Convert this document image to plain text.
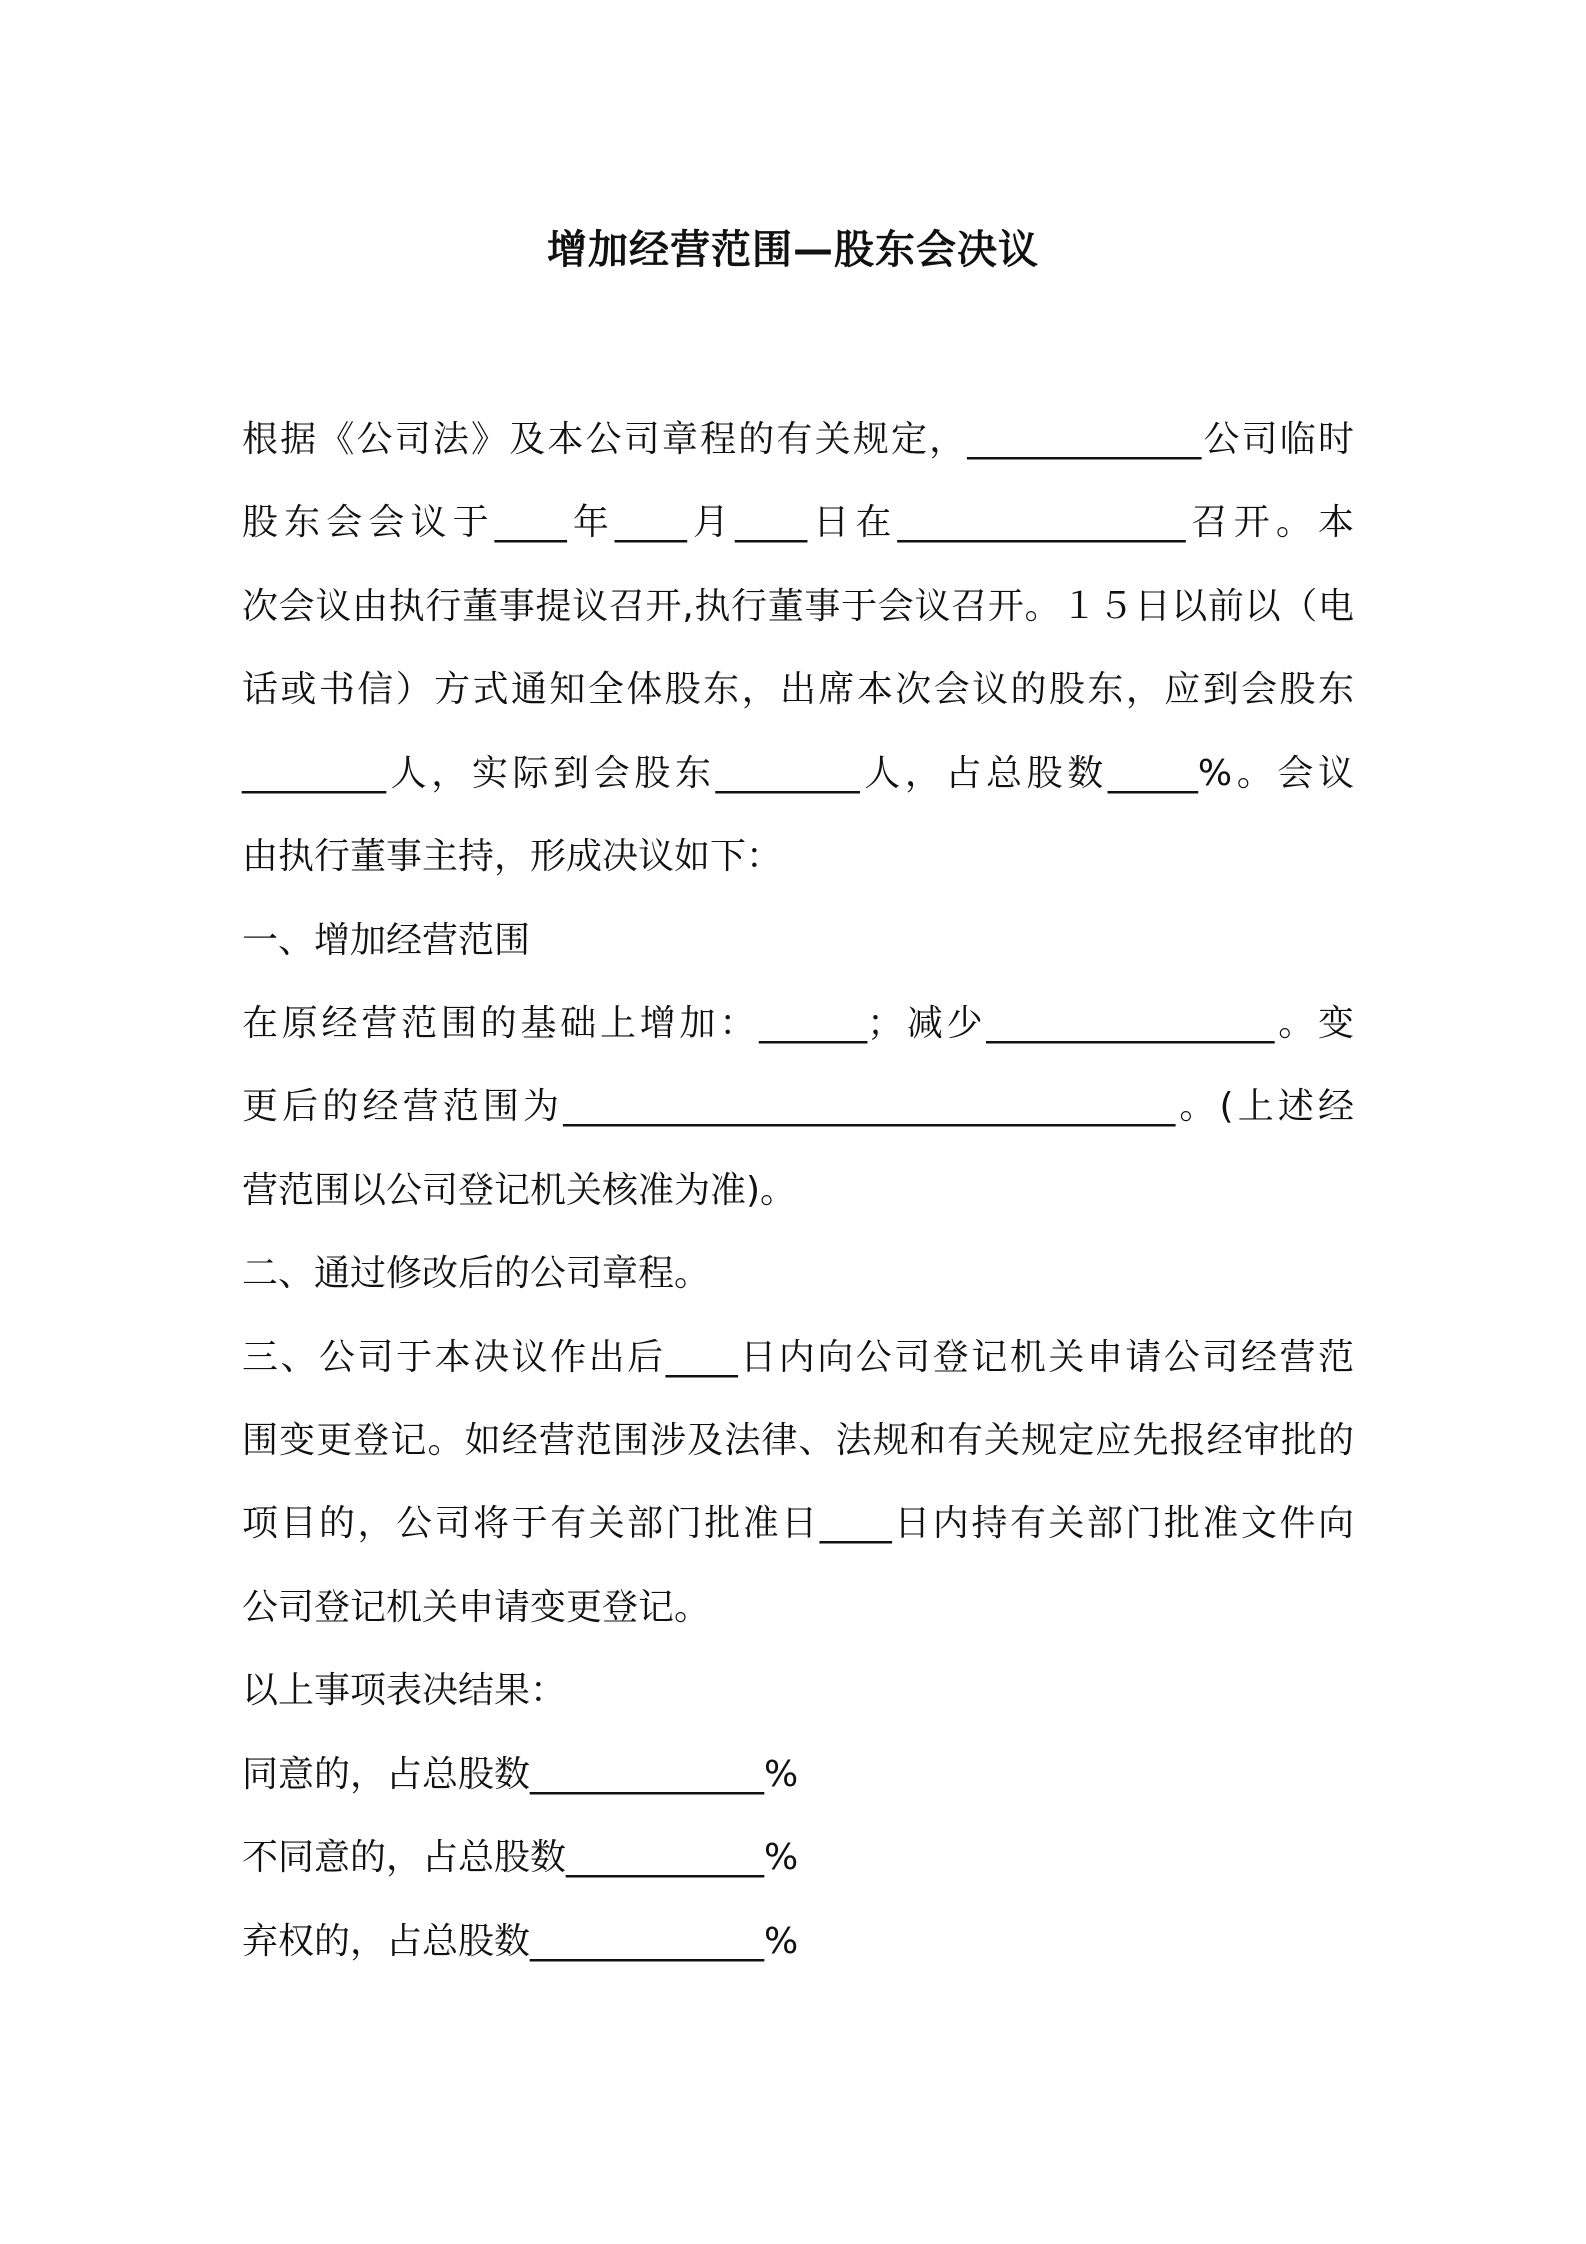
增加经营范围—股东会决议
根据《公司法》及本公司章程的有关规定，_____________公司临时
股东会会议于____年____月____日在________________召开。本
次会议由执行董事提议召开,执行董事于会议召开。１５日以前以（电
话或书信）方式通知全体股东，出席本次会议的股东，应到会股东
________人，实际到会股东________人，占总股数_____%。会议
由执行董事主持，形成决议如下：
一、增加经营范围
在原经营范围的基础上增加：______；减少________________。变
更后的经营范围为__________________________________。(上述经
营范围以公司登记机关核准为准)。
二、通过修改后的公司章程。
三、公司于本决议作出后____日内向公司登记机关申请公司经营范
围变更登记。如经营范围涉及法律、法规和有关规定应先报经审批的
项目的，公司将于有关部门批准日____日内持有关部门批准文件向
公司登记机关申请变更登记。
以上事项表决结果：
同意的，占总股数_____________%
不同意的，占总股数___________%
弃权的，占总股数_____________%
